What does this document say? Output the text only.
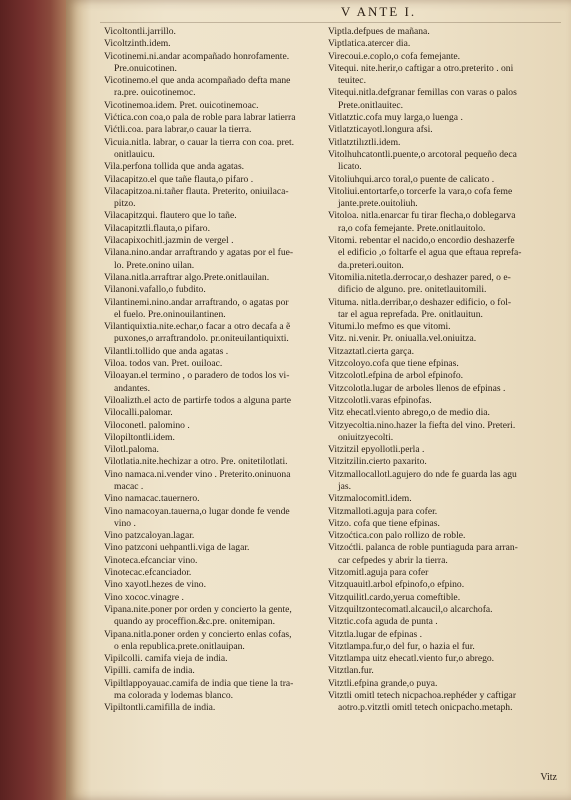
V ANTE I.
Vicoltontli.jarrillo.
Vicoltzinth.idem.
Vicotinemi.ni.andar acompañado honrofamente.
Pre.onuicotinen.
Vicotinemo.el que anda acompañado defta mane
ra.pre. ouicotinemoc.
Vicotinemoa.idem. Pret. ouicotinemoac.
Vićtica.con coa,o pala de roble para labrar latierra
Vićtli.coa. para labrar,o cauar la tierra.
Vicuia.nitla. labrar, o cauar la tierra con coa. pret.
onitlauicu.
Vila.perfona tollida que anda agatas.
Vilacapitzo.el que tañe flauta,o pifaro .
Vilacapitzoa.ni.tañer flauta. Preterito, oniuilaca-
pitzo.
Vilacapitzqui. flautero que lo tañe.
Vilacapitztli.flauta,o pifaro.
Vilacapixochitl.jazmin de vergel .
Vilana.nino.andar arraftrando y agatas por el fue-
lo. Prete.onino uilan.
Vilana.nitla.arraftrar algo.Prete.onitlauilan.
Vilanoni.vafallo,o fubdito.
Vilantinemi.nino.andar arraftrando, o agatas por
el fuelo. Pre.oninouilantinen.
Vilantiquixtia.nite.echar,o facar a otro decafa a ẽ
puxones,o arraftrandolo. pr.oniteuilantiquixti.
Vilantli.tollido que anda agatas .
Viloa. todos van. Pret. ouiloac.
Viloayan.el termino , o paradero de todos los vi-
andantes.
Viloalizth.el acto de partirfe todos a alguna parte
Vilocalli.palomar.
Viloconetl. palomino .
Vilopiltontli.idem.
Vilotl.paloma.
Vilotlatia.nite.hechizar a otro. Pre. onitetilotlati.
Vino namaca.ni.vender vino . Preterito.oninuona
macac .
Vino namacac.tauernero.
Vino namacoyan.tauerna,o lugar donde fe vende
vino .
Vino patzcaloyan.lagar.
Vino patzconi uehpantli.viga de lagar.
Vinoteca.efcanciar vino.
Vinotecac.efcanciador.
Vino xayotl.hezes de vino.
Vino xococ.vinagre .
Vipana.nite.poner por orden y concierto la gente,
quando ay proceffion.&c.pre. onitemipan.
Vipana.nitla.poner orden y concierto enlas cofas,
o enla republica.prete.onitlauipan.
Vipilcolli. camifa vieja de india.
Vipilli. camifa de india.
Vipiltlappoyauac.camifa de india que tiene la tra-
ma colorada y lodemas blanco.
Vipiltontli.camifilla de india.
Viptla.defpues de mañana.
Viptlatica.atercer dia.
Virecoui.e.coplo,o cofa femejante.
Vitequi. nite.herir,o caftigar a otro.preterito . oni
teuitec.
Vitequi.nitla.defgranar femillas con varas o palos
Prete.onitlauitec.
Vitlatztic.cofa muy larga,o luenga .
Vitlatzticayotl.longura afsi.
Vitlatztilıztli.idem.
Vitolhuhcatontli.puente,o arcotoral pequeño deca
licato.
Vitoliuhqui.arco toral,o puente de calicato .
Vitoliui.entortarfe,o torcerfe la vara,o cofa feme
jante.prete.ouitoliuh.
Vitoloa. nitla.enarcar fu tirar flecha,o doblegarva
ra,o cofa femejante. Prete.onitlauitolo.
Vitomi. rebentar el nacido,o encordio deshazerfe
el edificio ,o foltarfe el agua que eftaua reprefa-
da.preteri.ouiton.
Vitomilia.nitetla.derrocar,o deshazer pared, o e-
dificio de alguno. pre. onitetlauitomili.
Vituma. nitla.derribar,o deshazer edificio, o fol-
tar el agua reprefada. Pre. onitlauitun.
Vitumi.lo mefmo es que vitomi.
Vitz. ni.venir. Pr. oniualla.vel.oniuitza.
Vitzaztatl.cierta garça.
Vitzcoloyo.cofa que tiene efpinas.
Vitzcolotl.efpina de arbol efpinofo.
Vitzcolotla.lugar de arboles llenos de efpinas .
Vitzcolotli.varas efpinofas.
Vitz ehecatl.viento abrego,o de medio dia.
Vitzyecoltia.nino.hazer la fiefta del vino. Preteri.
oniuitzyecolti.
Vitzitzil epyollotli.perla .
Vitzitzilin.cierto paxarito.
Vitzmallocallotl.agujero do nde fe guarda las agu
jas.
Vitzmalocomitl.idem.
Vitzmalloti.aguja para cofer.
Vitzo. cofa que tiene efpinas.
Vitzoćtica.con palo rollizo de roble.
Vitzoćtli. palanca de roble puntiaguda para arran-
car cefpedes y abrir la tierra.
Vitzomitl.aguja para cofer
Vitzquauitl.arbol efpinofo,o efpino.
Vitzquilitl.cardo,yerua comeftible.
Vitzquiltzontecomatl.alcaucil,o alcarchofa.
Vitztic.cofa aguda de punta .
Vitztla.lugar de efpinas .
Vitztlampa.fur,o del fur, o hazia el fur.
Vitztlampa uitz ehecatl.viento fur,o abrego.
Vitztlan.fur.
Vitztli.efpina grande,o puya.
Vitztli omitl tetech nicpachoa.rephéder y caftigar
aotro.p.vitztli omitl tetech onicpacho.metaph.
Vitz
